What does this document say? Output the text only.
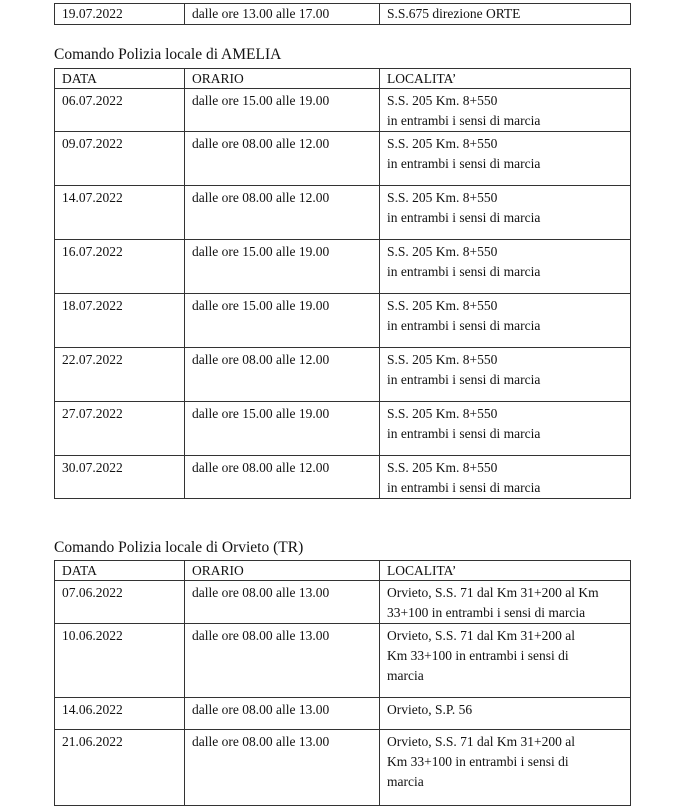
19.07.2022	dalle ore 13.00 alle 17.00	S.S.675 direzione ORTE
Comando Polizia locale di AMELIA
DATA	ORARIO	LOCALITA’
06.07.2022	dalle ore 15.00 alle 19.00	S.S. 205 Km. 8+550
in entrambi i sensi di marcia

09.07.2022	dalle ore 08.00 alle 12.00	S.S. 205 Km. 8+550
in entrambi i sensi di marcia

14.07.2022	dalle ore 08.00 alle 12.00	S.S. 205 Km. 8+550
in entrambi i sensi di marcia

16.07.2022	dalle ore 15.00 alle 19.00	S.S. 205 Km. 8+550
in entrambi i sensi di marcia

18.07.2022	dalle ore 15.00 alle 19.00	S.S. 205 Km. 8+550
in entrambi i sensi di marcia

22.07.2022	dalle ore 08.00 alle 12.00	S.S. 205 Km. 8+550
in entrambi i sensi di marcia

27.07.2022	dalle ore 15.00 alle 19.00	S.S. 205 Km. 8+550
in entrambi i sensi di marcia

30.07.2022	dalle ore 08.00 alle 12.00	S.S. 205 Km. 8+550
in entrambi i sensi di marcia
Comando Polizia locale di Orvieto (TR)
DATA	ORARIO	LOCALITA’
07.06.2022	dalle ore 08.00 alle 13.00	Orvieto, S.S. 71 dal Km 31+200 al Km
33+100 in entrambi i sensi di marcia

10.06.2022	dalle ore 08.00 alle 13.00	Orvieto, S.S. 71 dal Km 31+200 al
Km 33+100 in entrambi i sensi di
marcia

14.06.2022	dalle ore 08.00 alle 13.00	Orvieto, S.P. 56

21.06.2022	dalle ore 08.00 alle 13.00	Orvieto, S.S. 71 dal Km 31+200 al
Km 33+100 in entrambi i sensi di
marcia
